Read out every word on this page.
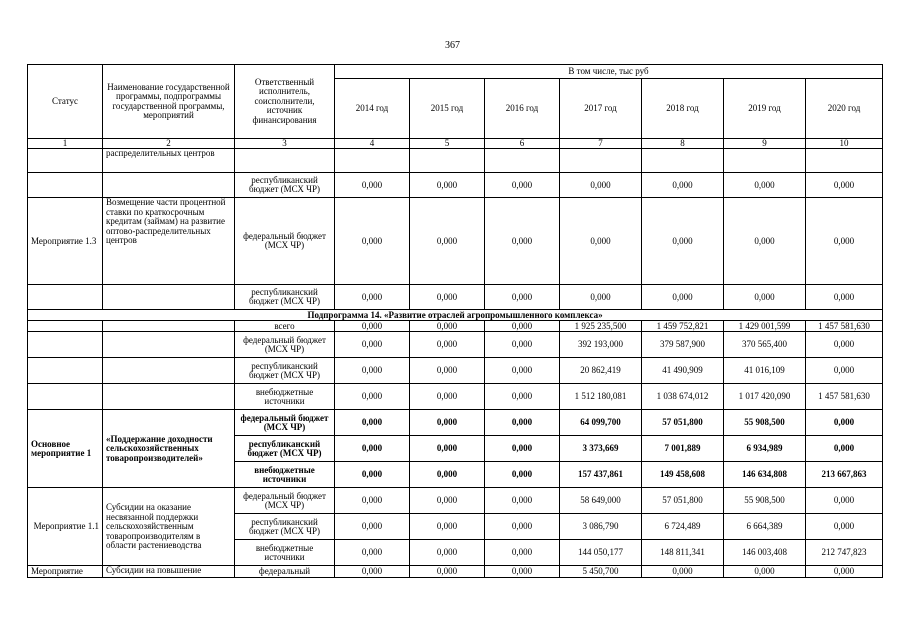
367
Статус	Наименование государственной программы, подпрограммы государственной программы, мероприятий	Ответственный исполнитель, соисполнители, источник финансирования	В том числе, тыс руб						
			2014 год	2015 год	2016 год	2017 год	2018 год	2019 год	2020 год
1	2	3	4	5	6	7	8	9	10
	распределительных центров								
		республиканский бюджет (МСХ ЧР)	0,000	0,000	0,000	0,000	0,000	0,000	0,000
Мероприятие 1.3	Возмещение части процентной ставки по краткосрочным кредитам (займам) на развитие оптово-распределительных центров	федеральный бюджет (МСХ ЧР)	0,000	0,000	0,000	0,000	0,000	0,000	0,000
		республиканский бюджет (МСХ ЧР)	0,000	0,000	0,000	0,000	0,000	0,000	0,000
Подпрограмма 14. «Развитие отраслей агропромышленного комплекса»									
		всего	0,000	0,000	0,000	1 925 235,500	1 459 752,821	1 429 001,599	1 457 581,630
		федеральный бюджет (МСХ ЧР)	0,000	0,000	0,000	392 193,000	379 587,900	370 565,400	0,000
		республиканский бюджет (МСХ ЧР)	0,000	0,000	0,000	20 862,419	41 490,909	41 016,109	0,000
		внебюджетные источники	0,000	0,000	0,000	1 512 180,081	1 038 674,012	1 017 420,090	1 457 581,630
Основное мероприятие 1	«Поддержание доходности сельскохозяйственных товаропроизводителей»	федеральный бюджет (МСХ ЧР)	0,000	0,000	0,000	64 099,700	57 051,800	55 908,500	0,000
		республиканский бюджет (МСХ ЧР)	0,000	0,000	0,000	3 373,669	7 001,889	6 934,989	0,000
		внебюджетные источники	0,000	0,000	0,000	157 437,861	149 458,608	146 634,808	213 667,863
Мероприятие 1.1	Субсидии на оказание несвязанной поддержки сельскохозяйственным товаропроизводителям в области растениеводства	федеральный бюджет (МСХ ЧР)	0,000	0,000	0,000	58 649,000	57 051,800	55 908,500	0,000
		республиканский бюджет (МСХ ЧР)	0,000	0,000	0,000	3 086,790	6 724,489	6 664,389	0,000
		внебюджетные источники	0,000	0,000	0,000	144 050,177	148 811,341	146 003,408	212 747,823
Мероприятие	Субсидии на повышение	федеральный	0,000	0,000	0,000	5 450,700	0,000	0,000	0,000
